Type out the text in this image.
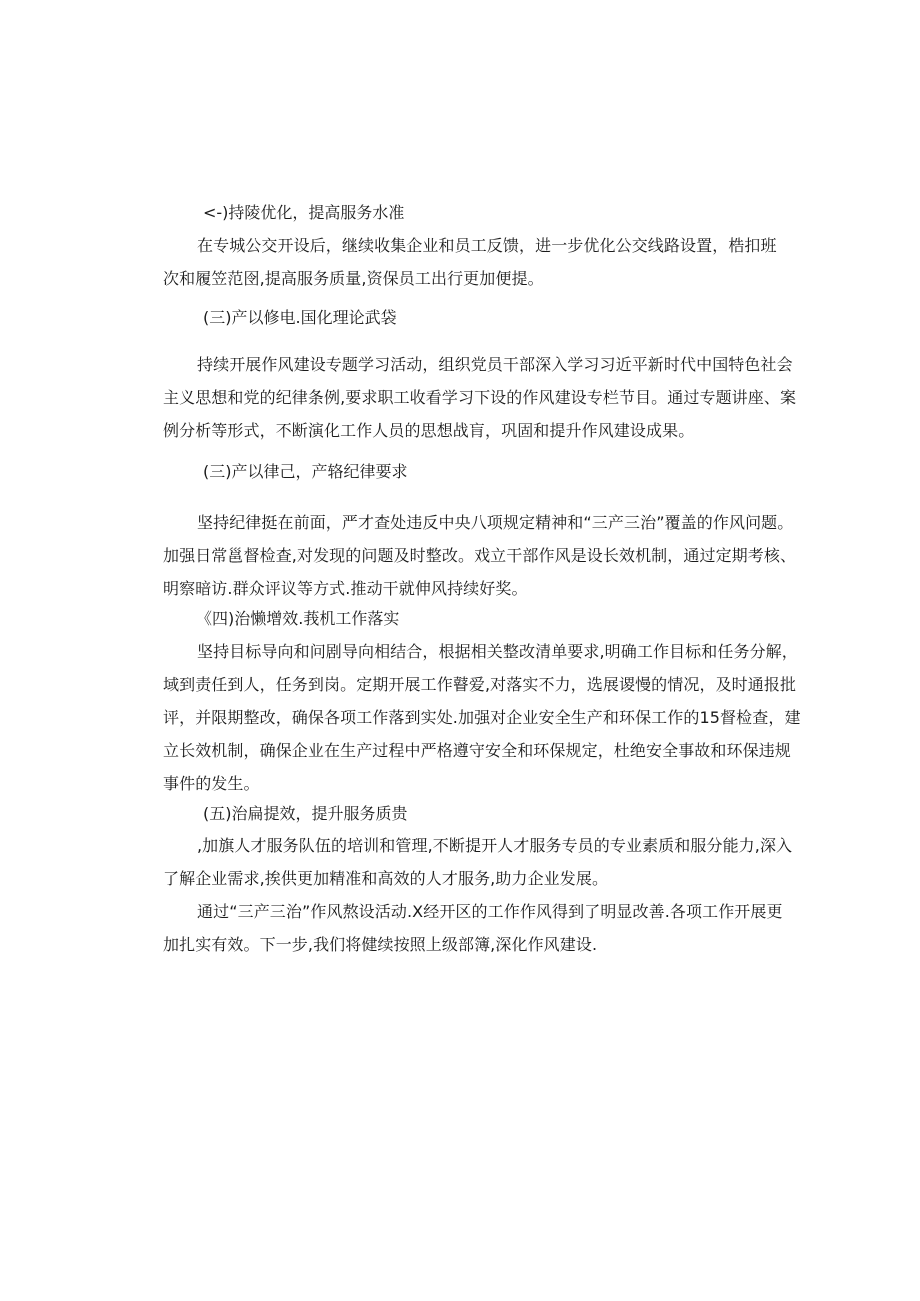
<-)持陵优化，提高服务水准
在专城公交开设后，继续收集企业和员工反馈，进一步优化公交线路设置，梏扣班
次和履笠范囹,提高服务质量,资保员工出行更加便提。
(三)产以修电.国化理论武袋
持续开展作风建设专题学习活动，组织党员干部深入学习习近平新时代中国特色社会
主义思想和党的纪律条例,要求职工收看学习下设的作风建设专栏节目。通过专题讲座、案
例分析等形式，不断演化工作人员的思想战肓，巩固和提升作风建设成果。
(三)产以律己，产辂纪律要求
坚持纪律挺在前面，严才查处违反中央八项规定精神和“三产三治”覆盖的作风问题。
加强日常邕督检查,对发现的问题及时整改。戏立干部作风是设长效机制，通过定期考核、
明察暗访.群众评议等方式.推动干就伸风持续好奖。
《四)治懒增效.莪机工作落实
坚持目标导向和问剧导向相结合，根据相关整改清单要求,明确工作目标和任务分解，
域到责任到人，任务到岗。定期开展工作瞽爱,对落实不力，选展谡慢的情况，及时通报批
评，并限期整改，确保各项工作落到实处.加强对企业安全生产和环保工作的15督检查，建
立长效机制，确保企业在生产过程中严格遵守安全和环保规定，杜绝安全事故和环保违规
事件的发生。
(五)治扁提效，提升服务质贵
,加旗人才服务队伍的培训和管理,不断提开人才服务专员的专业素质和服分能力,深入
了解企业需求,挨供更加精准和高效的人才服务,助力企业发展。
通过“三产三治”作风熬设活动.X经开区的工作作风得到了明显改善.各项工作开展更
加扎实有效。下一步,我们将健续按照上级部簿,深化作风建设.
